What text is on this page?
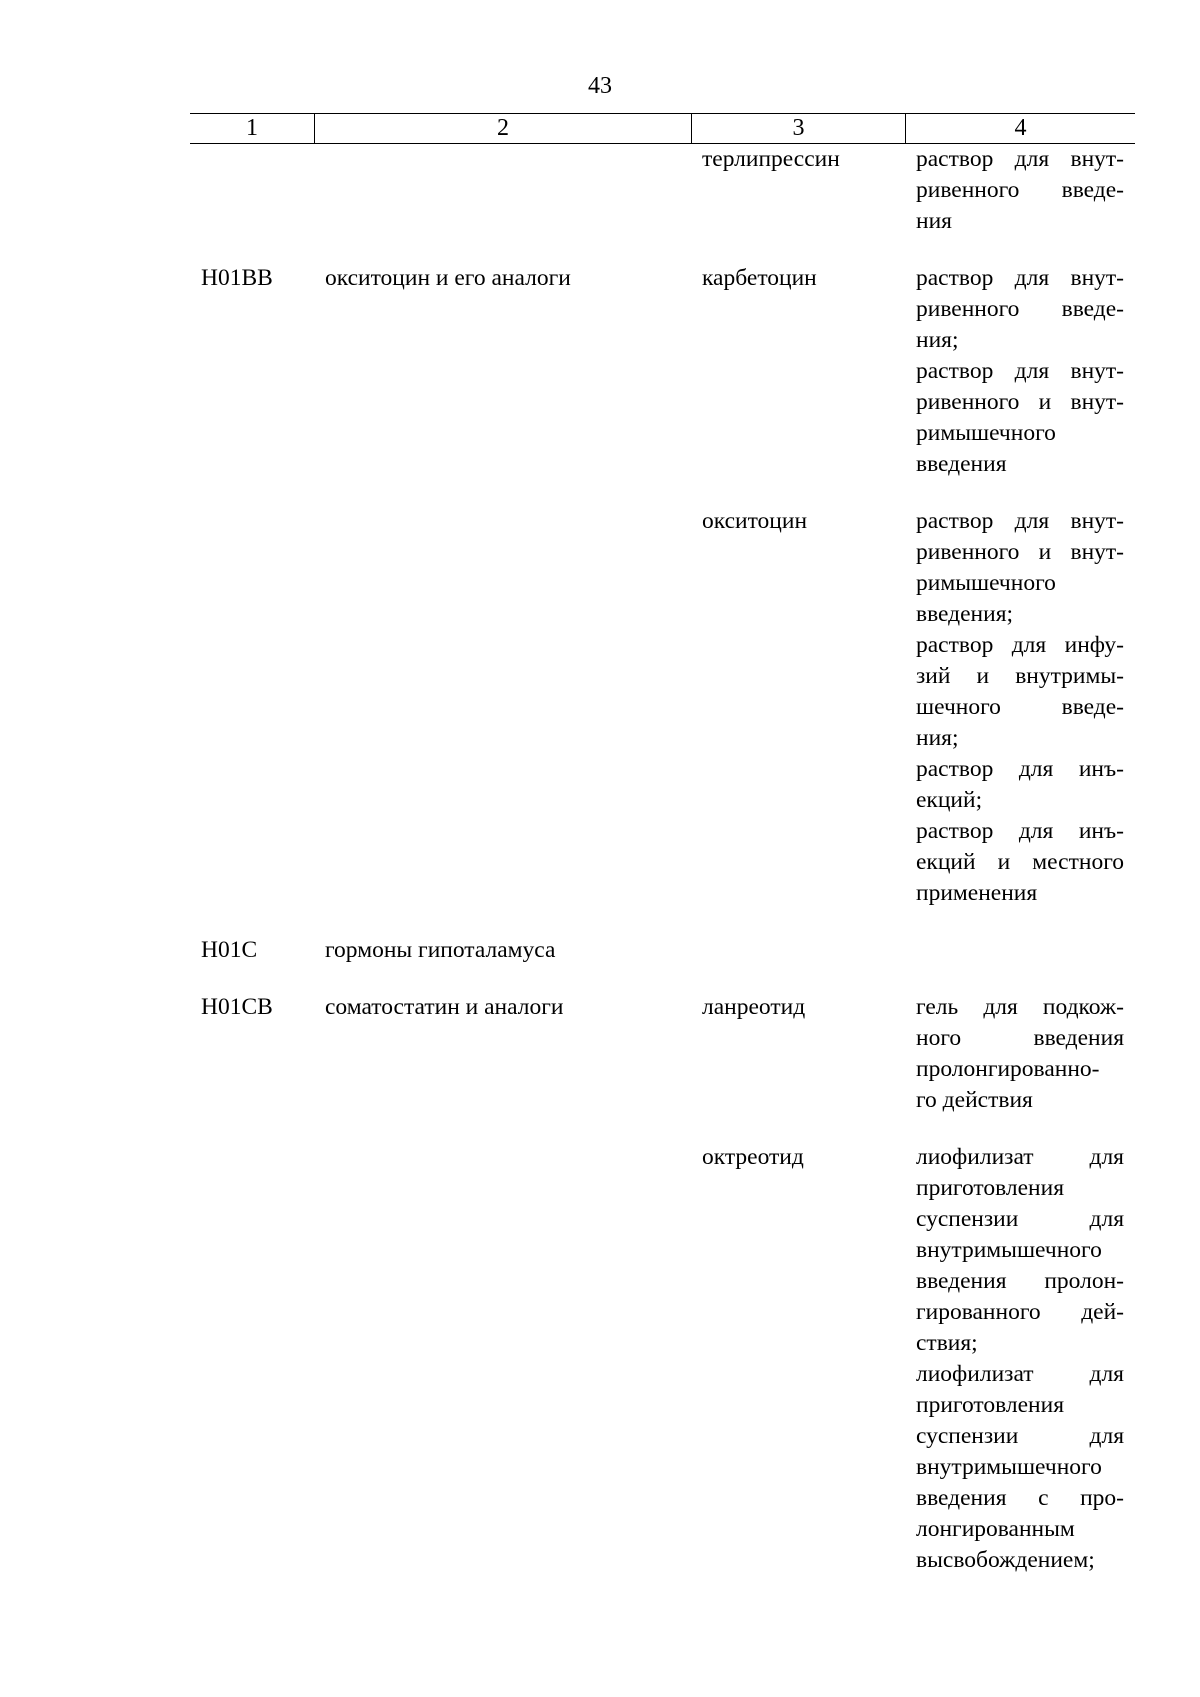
43
1	2	3	4
терлипрессин	раствор для внут-
ривенного введе-
ния
H01BB	окситоцин и его аналоги	карбетоцин	раствор для внут-
ривенного введе-
ния;
раствор для внут-
ривенного и внут-
римышечного
введения
окситоцин	раствор для внут-
ривенного и внут-
римышечного
введения;
раствор для инфу-
зий и внутримы-
шечного введе-
ния;
раствор для инъ-
екций;
раствор для инъ-
екций и местного
применения
H01C	гормоны гипоталамуса
H01CB	соматостатин и аналоги	ланреотид	гель для подкож-
ного введения
пролонгированно-
го действия
октреотид	лиофилизат для
приготовления
суспензии для
внутримышечного
введения пролон-
гированного дей-
ствия;
лиофилизат для
приготовления
суспензии для
внутримышечного
введения с про-
лонгированным
высвобождением;
